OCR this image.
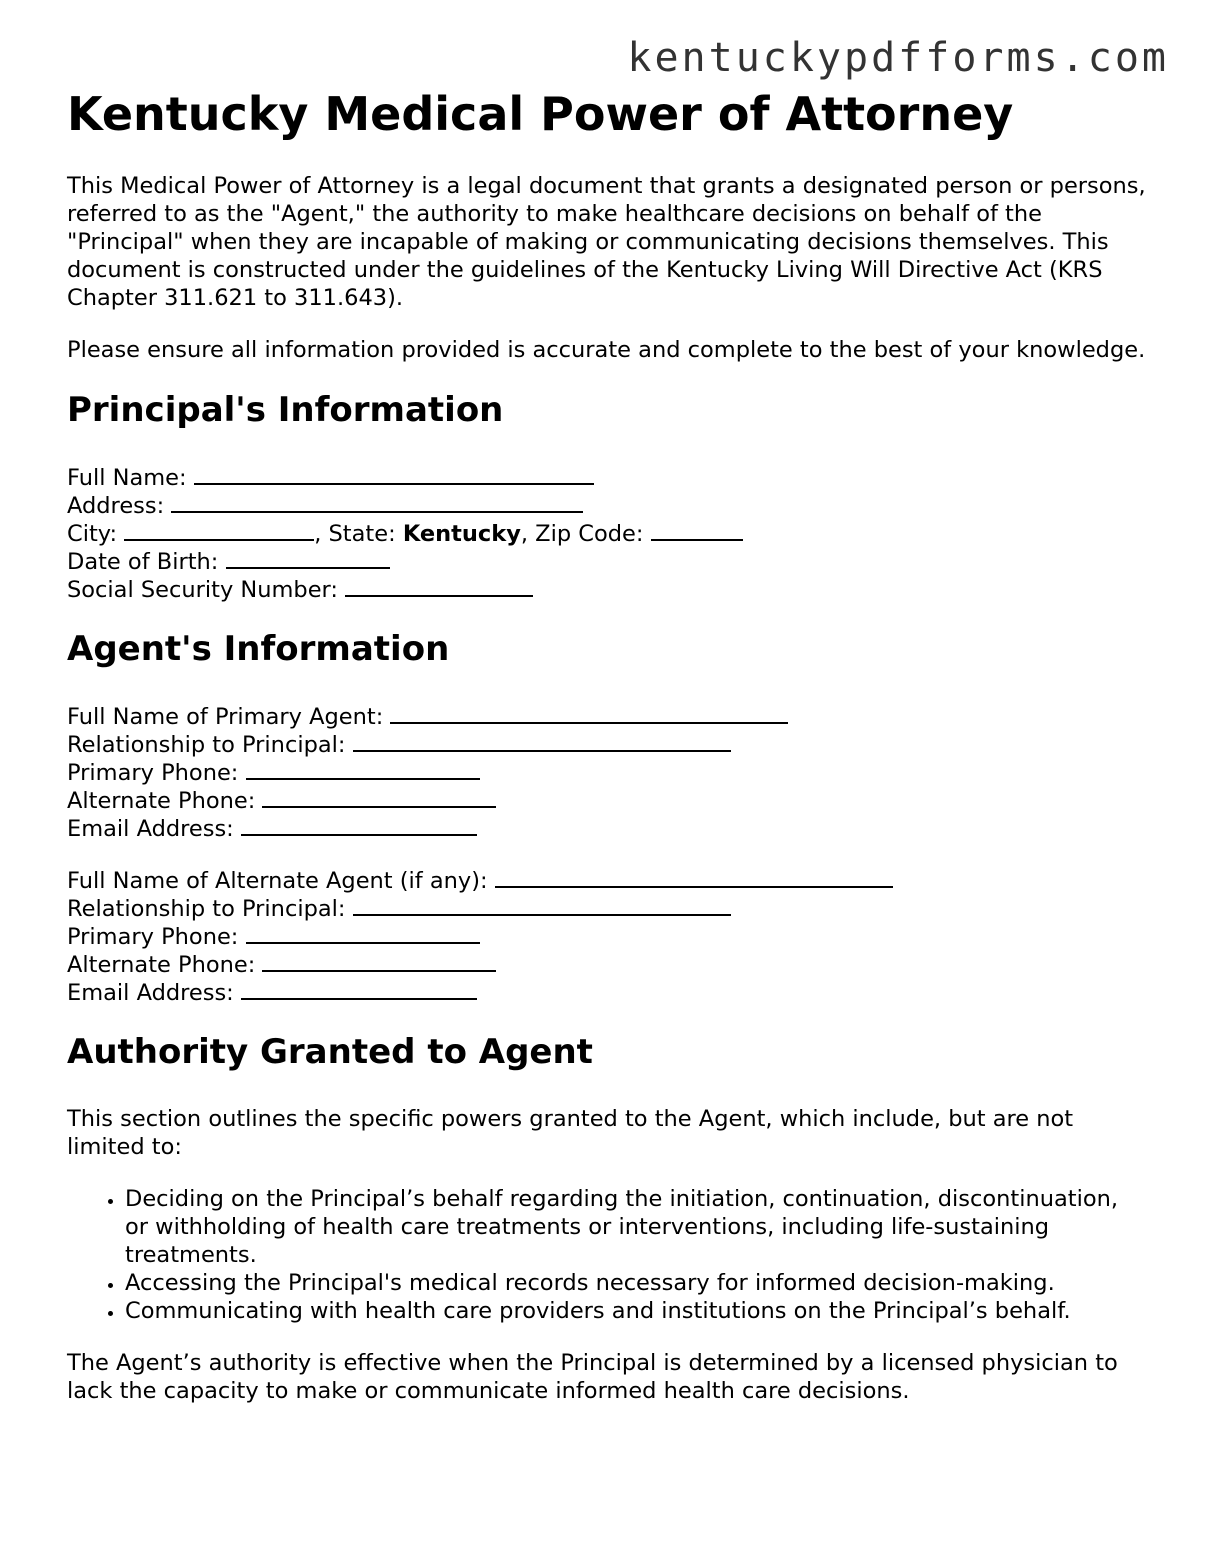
kentuckypdfforms.com
Kentucky Medical Power of Attorney

This Medical Power of Attorney is a legal document that grants a designated person or persons, referred to as the "Agent," the authority to make healthcare decisions on behalf of the "Principal" when they are incapable of making or communicating decisions themselves. This document is constructed under the guidelines of the Kentucky Living Will Directive Act (KRS Chapter 311.621 to 311.643).

Please ensure all information provided is accurate and complete to the best of your knowledge.

Principal's Information
Full Name:
Address:
City:	, State: Kentucky, Zip Code:
Date of Birth:
Social Security Number:
Agent's Information
Full Name of Primary Agent:
Relationship to Principal:
Primary Phone:
Alternate Phone:
Email Address:
Full Name of Alternate Agent (if any):
Relationship to Principal:
Primary Phone:
Alternate Phone:
Email Address:
Authority Granted to Agent

This section outlines the specific powers granted to the Agent, which include, but are not limited to:

• Deciding on the Principal’s behalf regarding the initiation, continuation, discontinuation, or withholding of health care treatments or interventions, including life-sustaining treatments.
• Accessing the Principal's medical records necessary for informed decision-making.
• Communicating with health care providers and institutions on the Principal’s behalf.

The Agent’s authority is effective when the Principal is determined by a licensed physician to lack the capacity to make or communicate informed health care decisions.
